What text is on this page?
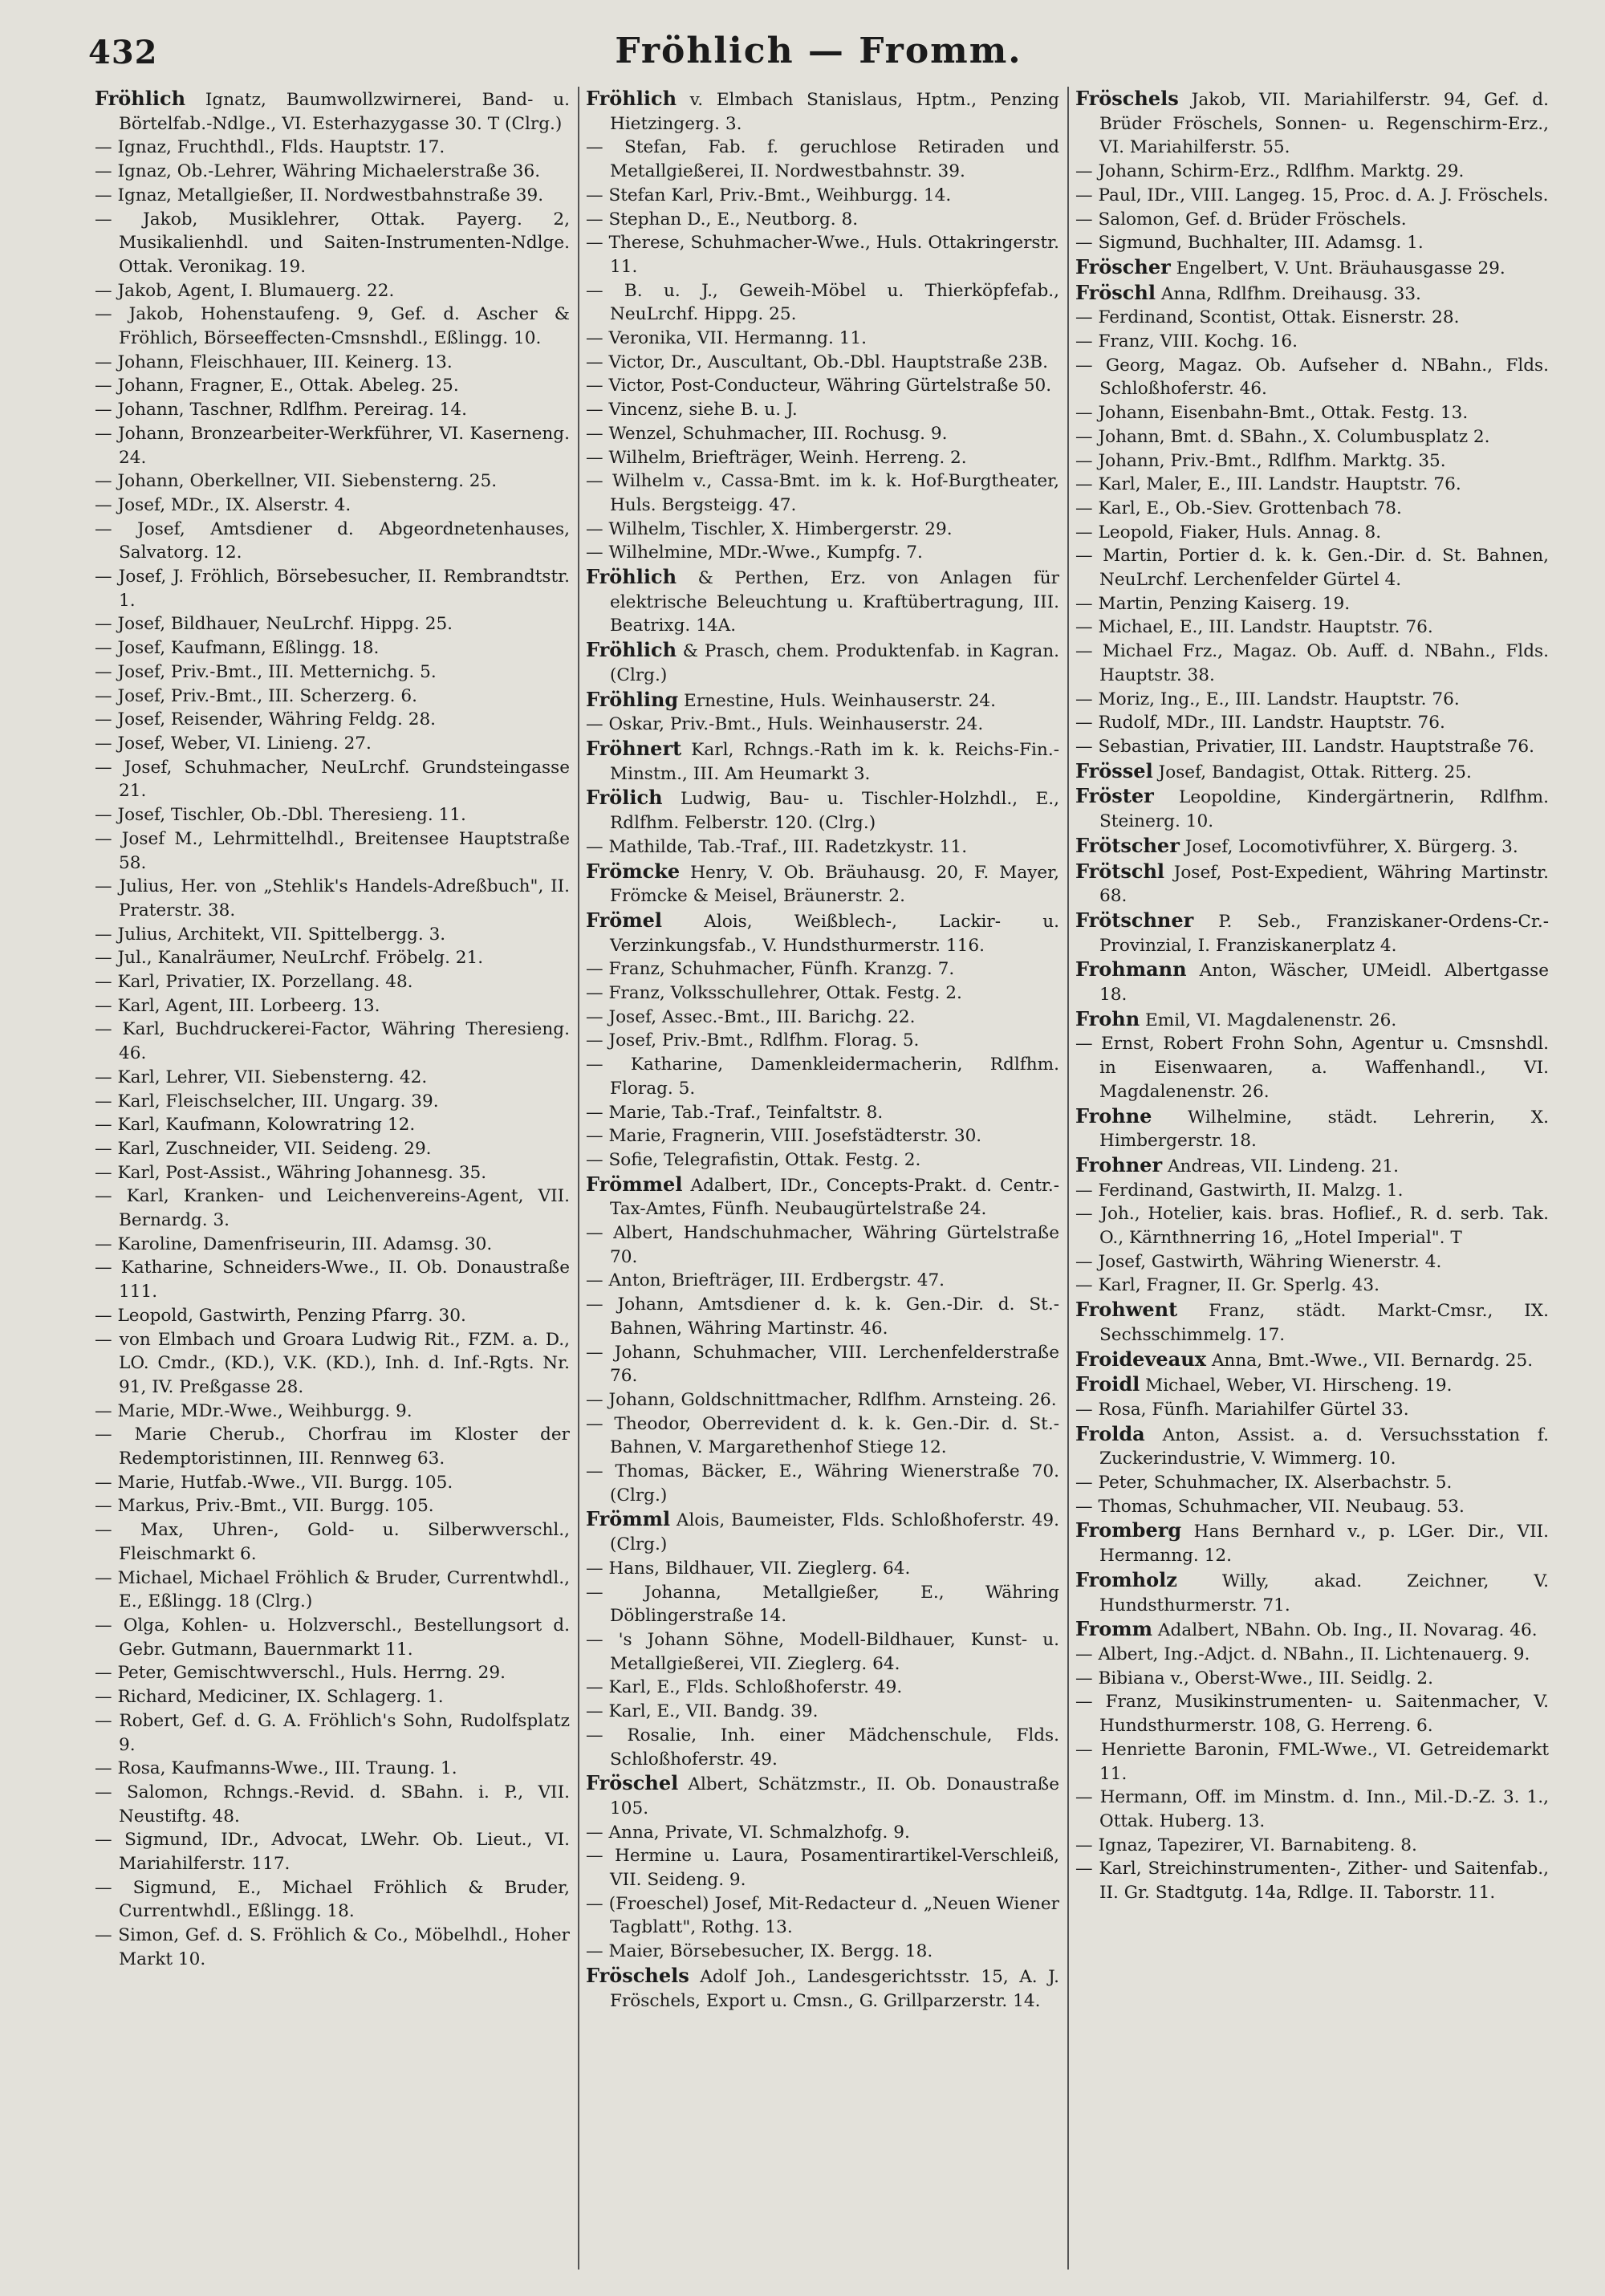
432	Fröhlich — Fromm.
Fröhlich Ignatz, Baumwollzwirnerei, Band- u. Börtelfab.-Ndlge., VI. Esterhazygasse 30. T (Clrg.)
— Ignaz, Fruchthdl., Flds. Hauptstr. 17.
— Ignaz, Ob.-Lehrer, Währing Michaelerstraße 36.
— Ignaz, Metallgießer, II. Nordwestbahnstraße 39.
— Jakob, Musiklehrer, Ottak. Payerg. 2, Musikalienhdl. und Saiten-Instrumenten-Ndlge. Ottak. Veronikag. 19.
— Jakob, Agent, I. Blumauerg. 22.
— Jakob, Hohenstaufeng. 9, Gef. d. Ascher & Fröhlich, Börseeffecten-Cmsnshdl., Eßlingg. 10.
— Johann, Fleischhauer, III. Keinerg. 13.
— Johann, Fragner, E., Ottak. Abeleg. 25.
— Johann, Taschner, Rdlfhm. Pereirag. 14.
— Johann, Bronzearbeiter-Werkführer, VI. Kaserneng. 24.
— Johann, Oberkellner, VII. Siebensterng. 25.
— Josef, MDr., IX. Alserstr. 4.
— Josef, Amtsdiener d. Abgeordnetenhauses, Salvatorg. 12.
— Josef, J. Fröhlich, Börsebesucher, II. Rembrandtstr. 1.
— Josef, Bildhauer, NeuLrchf. Hippg. 25.
— Josef, Kaufmann, Eßlingg. 18.
— Josef, Priv.-Bmt., III. Metternichg. 5.
— Josef, Priv.-Bmt., III. Scherzerg. 6.
— Josef, Reisender, Währing Feldg. 28.
— Josef, Weber, VI. Linieng. 27.
— Josef, Schuhmacher, NeuLrchf. Grundsteingasse 21.
— Josef, Tischler, Ob.-Dbl. Theresieng. 11.
— Josef M., Lehrmittelhdl., Breitensee Hauptstraße 58.
— Julius, Her. von „Stehlik's Handels-Adreßbuch", II. Praterstr. 38.
— Julius, Architekt, VII. Spittelbergg. 3.
— Jul., Kanalräumer, NeuLrchf. Fröbelg. 21.
— Karl, Privatier, IX. Porzellang. 48.
— Karl, Agent, III. Lorbeerg. 13.
— Karl, Buchdruckerei-Factor, Währing Theresieng. 46.
— Karl, Lehrer, VII. Siebensterng. 42.
— Karl, Fleischselcher, III. Ungarg. 39.
— Karl, Kaufmann, Kolowratring 12.
— Karl, Zuschneider, VII. Seideng. 29.
— Karl, Post-Assist., Währing Johannesg. 35.
— Karl, Kranken- und Leichenvereins-Agent, VII. Bernardg. 3.
— Karoline, Damenfriseurin, III. Adamsg. 30.
— Katharine, Schneiders-Wwe., II. Ob. Donaustraße 111.
— Leopold, Gastwirth, Penzing Pfarrg. 30.
— von Elmbach und Groara Ludwig Rit., FZM. a. D., LO. Cmdr., (KD.), V.K. (KD.), Inh. d. Inf.-Rgts. Nr. 91, IV. Preßgasse 28.
— Marie, MDr.-Wwe., Weihburgg. 9.
— Marie Cherub., Chorfrau im Kloster der Redemptoristinnen, III. Rennweg 63.
— Marie, Hutfab.-Wwe., VII. Burgg. 105.
— Markus, Priv.-Bmt., VII. Burgg. 105.
— Max, Uhren-, Gold- u. Silberwverschl., Fleischmarkt 6.
— Michael, Michael Fröhlich & Bruder, Currentwhdl., E., Eßlingg. 18 (Clrg.)
— Olga, Kohlen- u. Holzverschl., Bestellungsort d. Gebr. Gutmann, Bauernmarkt 11.
— Peter, Gemischtwverschl., Huls. Herrng. 29.
— Richard, Mediciner, IX. Schlagerg. 1.
— Robert, Gef. d. G. A. Fröhlich's Sohn, Rudolfsplatz 9.
— Rosa, Kaufmanns-Wwe., III. Traung. 1.
— Salomon, Rchngs.-Revid. d. SBahn. i. P., VII. Neustiftg. 48.
— Sigmund, IDr., Advocat, LWehr. Ob. Lieut., VI. Mariahilferstr. 117.
— Sigmund, E., Michael Fröhlich & Bruder, Currentwhdl., Eßlingg. 18.
— Simon, Gef. d. S. Fröhlich & Co., Möbelhdl., Hoher Markt 10.
Fröhlich v. Elmbach Stanislaus, Hptm., Penzing Hietzingerg. 3.
— Stefan, Fab. f. geruchlose Retiraden und Metallgießerei, II. Nordwestbahnstr. 39.
— Stefan Karl, Priv.-Bmt., Weihburgg. 14.
— Stephan D., E., Neutborg. 8.
— Therese, Schuhmacher-Wwe., Huls. Ottakringerstr. 11.
— B. u. J., Geweih-Möbel u. Thierköpfefab., NeuLrchf. Hippg. 25.
— Veronika, VII. Hermanng. 11.
— Victor, Dr., Auscultant, Ob.-Dbl. Hauptstraße 23B.
— Victor, Post-Conducteur, Währing Gürtelstraße 50.
— Vincenz, siehe B. u. J.
— Wenzel, Schuhmacher, III. Rochusg. 9.
— Wilhelm, Briefträger, Weinh. Herreng. 2.
— Wilhelm v., Cassa-Bmt. im k. k. Hof-Burgtheater, Huls. Bergsteigg. 47.
— Wilhelm, Tischler, X. Himbergerstr. 29.
— Wilhelmine, MDr.-Wwe., Kumpfg. 7.
Fröhlich & Perthen, Erz. von Anlagen für elektrische Beleuchtung u. Kraftübertragung, III. Beatrixg. 14A.
Fröhlich & Prasch, chem. Produktenfab. in Kagran. (Clrg.)
Fröhling Ernestine, Huls. Weinhauserstr. 24.
— Oskar, Priv.-Bmt., Huls. Weinhauserstr. 24.
Fröhnert Karl, Rchngs.-Rath im k. k. Reichs-Fin.-Minstm., III. Am Heumarkt 3.
Frölich Ludwig, Bau- u. Tischler-Holzhdl., E., Rdlfhm. Felberstr. 120. (Clrg.)
— Mathilde, Tab.-Traf., III. Radetzkystr. 11.
Frömcke Henry, V. Ob. Bräuhausg. 20, F. Mayer, Frömcke & Meisel, Bräunerstr. 2.
Frömel Alois, Weißblech-, Lackir- u. Verzinkungsfab., V. Hundsthurmerstr. 116.
— Franz, Schuhmacher, Fünfh. Kranzg. 7.
— Franz, Volksschullehrer, Ottak. Festg. 2.
— Josef, Assec.-Bmt., III. Barichg. 22.
— Josef, Priv.-Bmt., Rdlfhm. Florag. 5.
— Katharine, Damenkleidermacherin, Rdlfhm. Florag. 5.
— Marie, Tab.-Traf., Teinfaltstr. 8.
— Marie, Fragnerin, VIII. Josefstädterstr. 30.
— Sofie, Telegrafistin, Ottak. Festg. 2.
Frömmel Adalbert, IDr., Concepts-Prakt. d. Centr.-Tax-Amtes, Fünfh. Neubaugürtelstraße 24.
— Albert, Handschuhmacher, Währing Gürtelstraße 70.
— Anton, Briefträger, III. Erdbergstr. 47.
— Johann, Amtsdiener d. k. k. Gen.-Dir. d. St.-Bahnen, Währing Martinstr. 46.
— Johann, Schuhmacher, VIII. Lerchenfelderstraße 76.
— Johann, Goldschnittmacher, Rdlfhm. Arnsteing. 26.
— Theodor, Oberrevident d. k. k. Gen.-Dir. d. St.-Bahnen, V. Margarethenhof Stiege 12.
— Thomas, Bäcker, E., Währing Wienerstraße 70. (Clrg.)
Frömml Alois, Baumeister, Flds. Schloßhoferstr. 49. (Clrg.)
— Hans, Bildhauer, VII. Zieglerg. 64.
— Johanna, Metallgießer, E., Währing Döblingerstraße 14.
— 's Johann Söhne, Modell-Bildhauer, Kunst- u. Metallgießerei, VII. Zieglerg. 64.
— Karl, E., Flds. Schloßhoferstr. 49.
— Karl, E., VII. Bandg. 39.
— Rosalie, Inh. einer Mädchenschule, Flds. Schloßhoferstr. 49.
Fröschel Albert, Schätzmstr., II. Ob. Donaustraße 105.
— Anna, Private, VI. Schmalzhofg. 9.
— Hermine u. Laura, Posamentirartikel-Verschleiß, VII. Seideng. 9.
— (Froeschel) Josef, Mit-Redacteur d. „Neuen Wiener Tagblatt", Rothg. 13.
— Maier, Börsebesucher, IX. Bergg. 18.
Fröschels Adolf Joh., Landesgerichtsstr. 15, A. J. Fröschels, Export u. Cmsn., G. Grillparzerstr. 14.
Fröschels Jakob, VII. Mariahilferstr. 94, Gef. d. Brüder Fröschels, Sonnen- u. Regenschirm-Erz., VI. Mariahilferstr. 55.
— Johann, Schirm-Erz., Rdlfhm. Marktg. 29.
— Paul, IDr., VIII. Langeg. 15, Proc. d. A. J. Fröschels.
— Salomon, Gef. d. Brüder Fröschels.
— Sigmund, Buchhalter, III. Adamsg. 1.
Fröscher Engelbert, V. Unt. Bräuhausgasse 29.
Fröschl Anna, Rdlfhm. Dreihausg. 33.
— Ferdinand, Scontist, Ottak. Eisnerstr. 28.
— Franz, VIII. Kochg. 16.
— Georg, Magaz. Ob. Aufseher d. NBahn., Flds. Schloßhoferstr. 46.
— Johann, Eisenbahn-Bmt., Ottak. Festg. 13.
— Johann, Bmt. d. SBahn., X. Columbusplatz 2.
— Johann, Priv.-Bmt., Rdlfhm. Marktg. 35.
— Karl, Maler, E., III. Landstr. Hauptstr. 76.
— Karl, E., Ob.-Siev. Grottenbach 78.
— Leopold, Fiaker, Huls. Annag. 8.
— Martin, Portier d. k. k. Gen.-Dir. d. St. Bahnen, NeuLrchf. Lerchenfelder Gürtel 4.
— Martin, Penzing Kaiserg. 19.
— Michael, E., III. Landstr. Hauptstr. 76.
— Michael Frz., Magaz. Ob. Auff. d. NBahn., Flds. Hauptstr. 38.
— Moriz, Ing., E., III. Landstr. Hauptstr. 76.
— Rudolf, MDr., III. Landstr. Hauptstr. 76.
— Sebastian, Privatier, III. Landstr. Hauptstraße 76.
Frössel Josef, Bandagist, Ottak. Ritterg. 25.
Fröster Leopoldine, Kindergärtnerin, Rdlfhm. Steinerg. 10.
Frötscher Josef, Locomotivführer, X. Bürgerg. 3.
Frötschl Josef, Post-Expedient, Währing Martinstr. 68.
Frötschner P. Seb., Franziskaner-Ordens-Cr.-Provinzial, I. Franziskanerplatz 4.
Frohmann Anton, Wäscher, UMeidl. Albertgasse 18.
Frohn Emil, VI. Magdalenenstr. 26.
— Ernst, Robert Frohn Sohn, Agentur u. Cmsnshdl. in Eisenwaaren, a. Waffenhandl., VI. Magdalenenstr. 26.
Frohne Wilhelmine, städt. Lehrerin, X. Himbergerstr. 18.
Frohner Andreas, VII. Lindeng. 21.
— Ferdinand, Gastwirth, II. Malzg. 1.
— Joh., Hotelier, kais. bras. Hoflief., R. d. serb. Tak. O., Kärnthnerring 16, „Hotel Imperial". T
— Josef, Gastwirth, Währing Wienerstr. 4.
— Karl, Fragner, II. Gr. Sperlg. 43.
Frohwent Franz, städt. Markt-Cmsr., IX. Sechsschimmelg. 17.
Froideveaux Anna, Bmt.-Wwe., VII. Bernardg. 25.
Froidl Michael, Weber, VI. Hirscheng. 19.
— Rosa, Fünfh. Mariahilfer Gürtel 33.
Frolda Anton, Assist. a. d. Versuchsstation f. Zuckerindustrie, V. Wimmerg. 10.
— Peter, Schuhmacher, IX. Alserbachstr. 5.
— Thomas, Schuhmacher, VII. Neubaug. 53.
Fromberg Hans Bernhard v., p. LGer. Dir., VII. Hermanng. 12.
Fromholz Willy, akad. Zeichner, V. Hundsthurmerstr. 71.
Fromm Adalbert, NBahn. Ob. Ing., II. Novarag. 46.
— Albert, Ing.-Adjct. d. NBahn., II. Lichtenauerg. 9.
— Bibiana v., Oberst-Wwe., III. Seidlg. 2.
— Franz, Musikinstrumenten- u. Saitenmacher, V. Hundsthurmerstr. 108, G. Herreng. 6.
— Henriette Baronin, FML-Wwe., VI. Getreidemarkt 11.
— Hermann, Off. im Minstm. d. Inn., Mil.-D.-Z. 3. 1., Ottak. Huberg. 13.
— Ignaz, Tapezirer, VI. Barnabiteng. 8.
— Karl, Streichinstrumenten-, Zither- und Saitenfab., II. Gr. Stadtgutg. 14a, Rdlge. II. Taborstr. 11.
